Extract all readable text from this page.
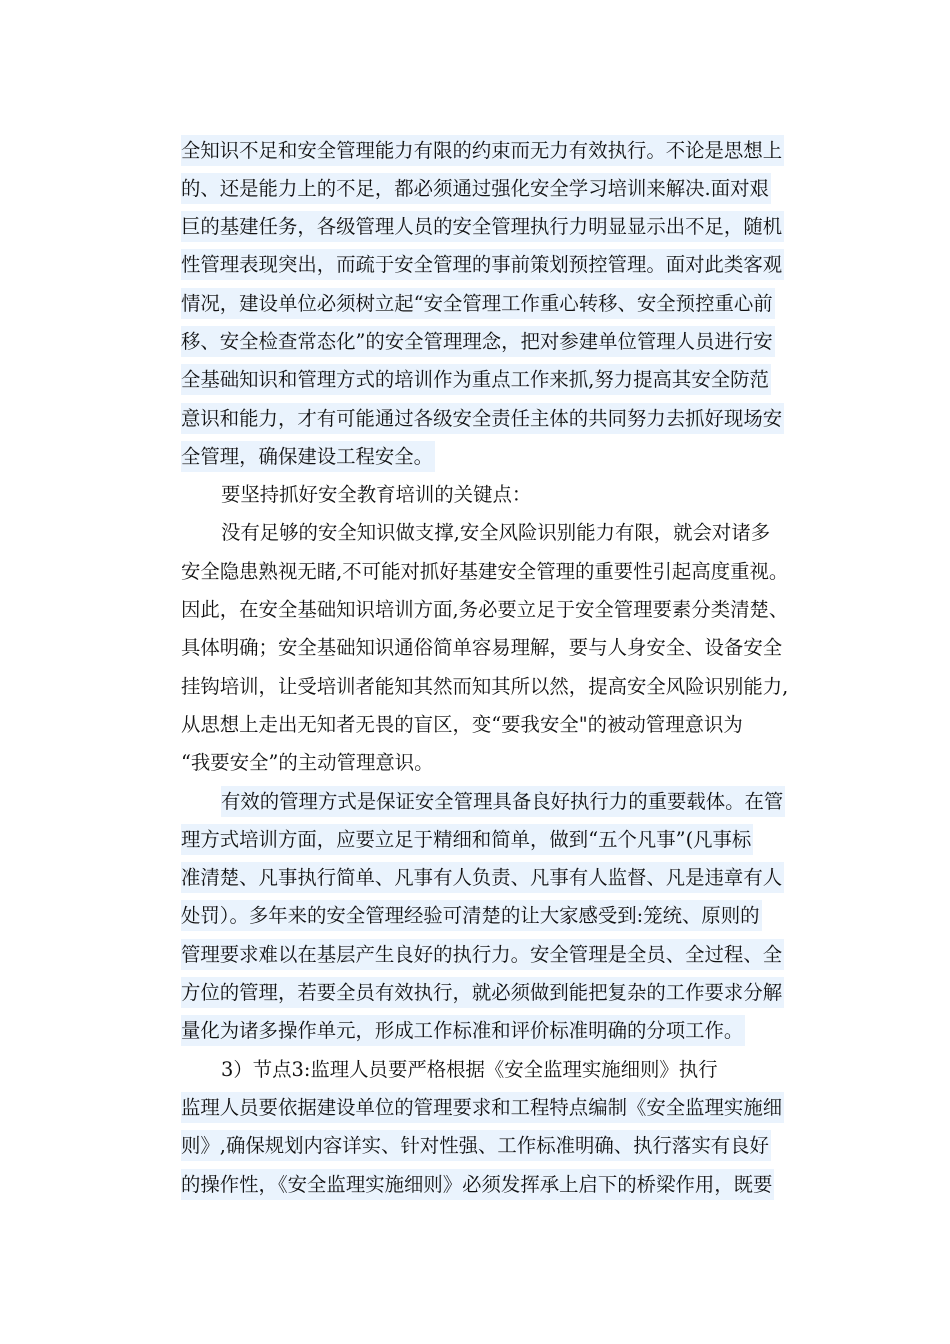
全知识不足和安全管理能力有限的约束而无力有效执行。不论是思想上
的、还是能力上的不足，都必须通过强化安全学习培训来解决.面对艰
巨的基建任务，各级管理人员的安全管理执行力明显显示出不足，随机
性管理表现突出，而疏于安全管理的事前策划预控管理。面对此类客观
情况，建设单位必须树立起“安全管理工作重心转移、安全预控重心前
移、安全检查常态化”的安全管理理念，把对参建单位管理人员进行安
全基础知识和管理方式的培训作为重点工作来抓,努力提高其安全防范
意识和能力，才有可能通过各级安全责任主体的共同努力去抓好现场安
全管理，确保建设工程安全。
要坚持抓好安全教育培训的关键点：
没有足够的安全知识做支撑,安全风险识别能力有限，就会对诸多
安全隐患熟视无睹,不可能对抓好基建安全管理的重要性引起高度重视。
因此，在安全基础知识培训方面,务必要立足于安全管理要素分类清楚、
具体明确；安全基础知识通俗简单容易理解，要与人身安全、设备安全
挂钩培训，让受培训者能知其然而知其所以然，提高安全风险识别能力,
从思想上走出无知者无畏的盲区，变“要我安全"的被动管理意识为
“我要安全”的主动管理意识。
有效的管理方式是保证安全管理具备良好执行力的重要载体。在管
理方式培训方面，应要立足于精细和简单，做到“五个凡事”(凡事标
准清楚、凡事执行简单、凡事有人负责、凡事有人监督、凡是违章有人
处罚）。多年来的安全管理经验可清楚的让大家感受到:笼统、原则的
管理要求难以在基层产生良好的执行力。安全管理是全员、全过程、全
方位的管理，若要全员有效执行，就必须做到能把复杂的工作要求分解
量化为诸多操作单元，形成工作标准和评价标准明确的分项工作。
3）节点3:监理人员要严格根据《安全监理实施细则》执行
监理人员要依据建设单位的管理要求和工程特点编制《安全监理实施细
则》,确保规划内容详实、针对性强、工作标准明确、执行落实有良好
的操作性，《安全监理实施细则》必须发挥承上启下的桥梁作用，既要
